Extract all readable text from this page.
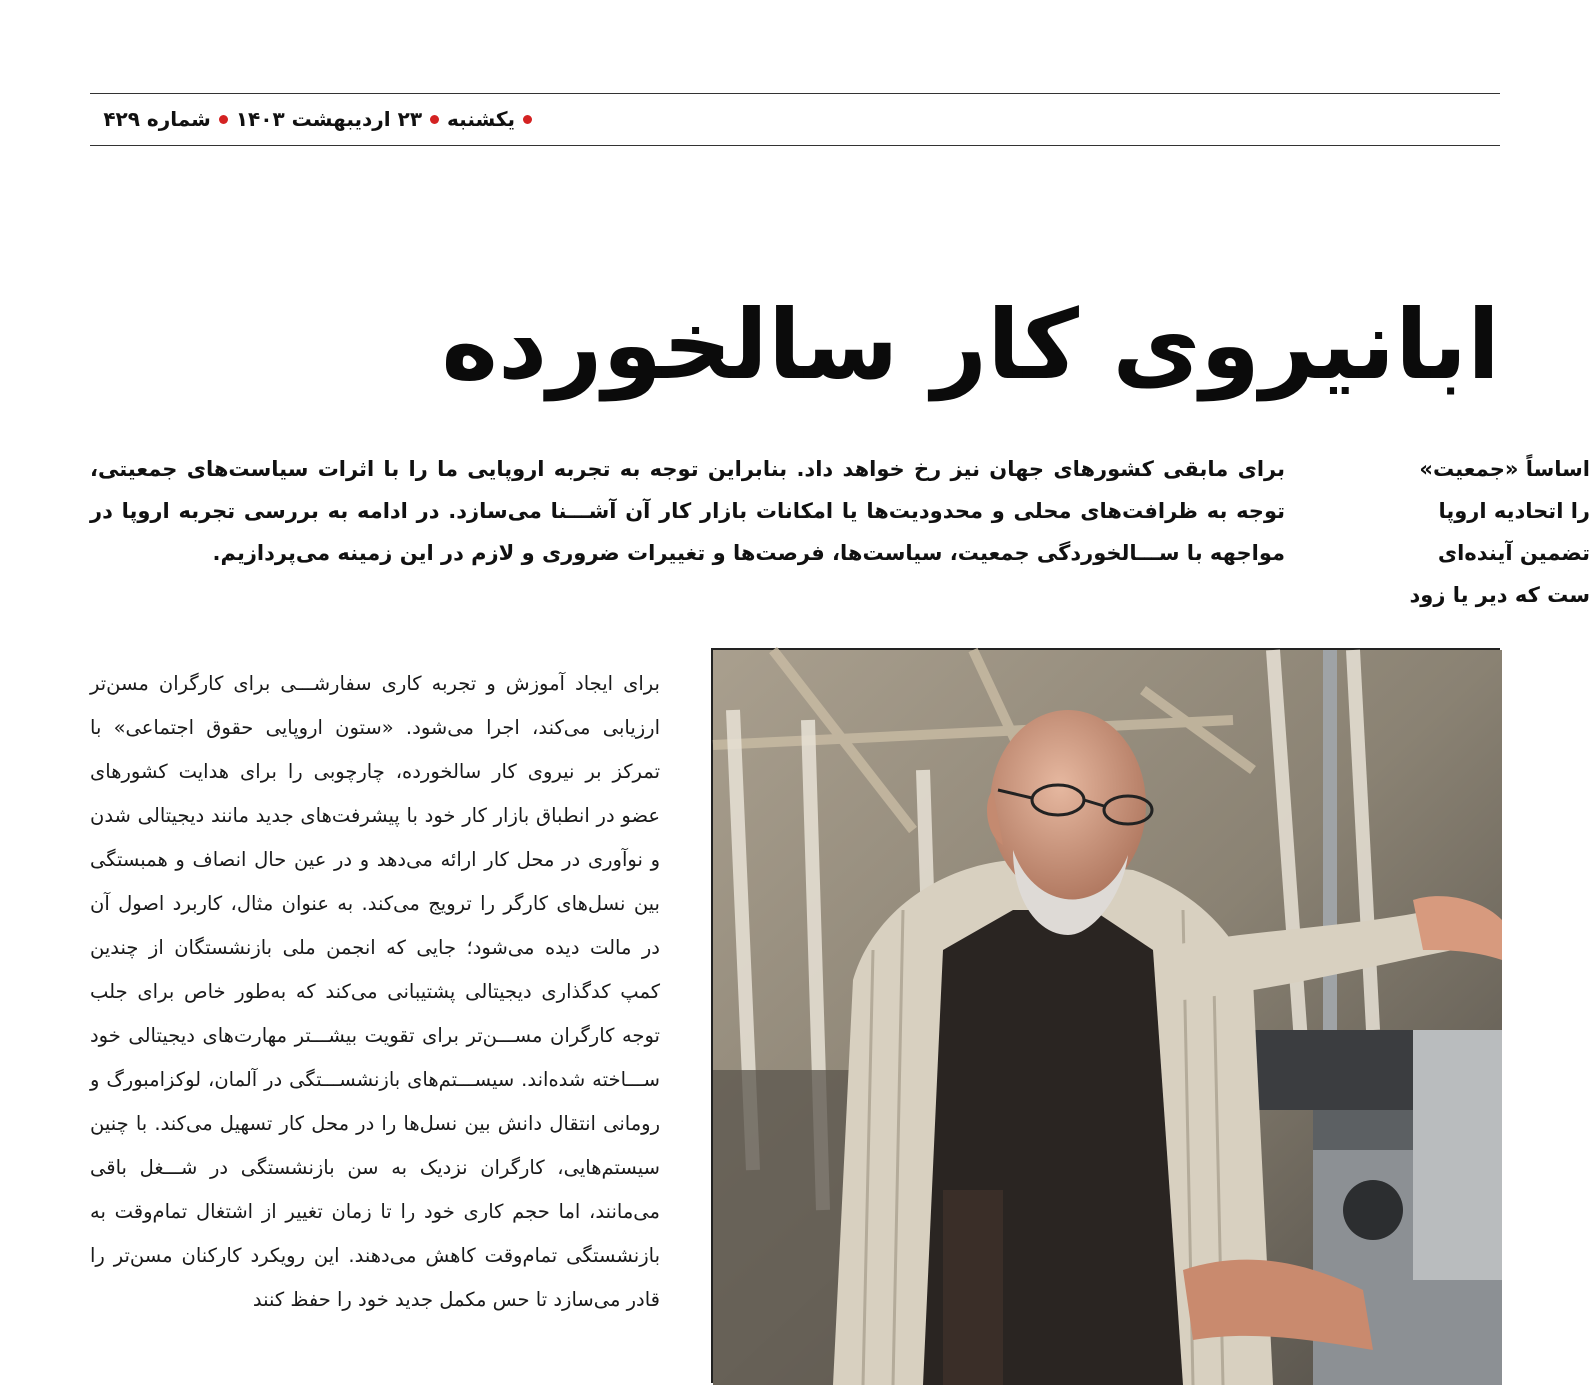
یکشنبه
۲۳ اردیبهشت ۱۴۰۳
شماره ۴۲۹
ابانیروی کار سالخورده
برای مابقی کشورهای جهان نیز رخ خواهد داد. بنابراین توجه به تجربه اروپایی ما را با اثرات سیاست‌های جمعیتی، توجه به ظرافت‌های محلی و محدودیت‌ها یا امکانات بازار کار آن آشـــنا می‌سازد. در ادامه به بررسی تجربه اروپا در مواجهه با ســـالخوردگی جمعیت، سیاست‌ها، فرصت‌ها و تغییرات ضروری و لازم در این زمینه می‌پردازیم.
اساساً «جمعیت»
را اتحادیه اروپا
تضمین آینده‌ای
ست که دیر یا زود
برای ایجاد آموزش و تجربه کاری سفارشـــی برای کارگران مسن‌تر ارزیابی می‌کند، اجرا می‌شود. «ستون اروپایی حقوق اجتماعی» با تمرکز بر نیروی کار سالخورده، چارچوبی را برای هدایت کشورهای عضو در انطباق بازار کار خود با پیشرفت‌های جدید مانند دیجیتالی شدن و نوآوری در محل کار ارائه می‌دهد و در عین حال انصاف و همبستگی بین نسل‌های کارگر را ترویج می‌کند. به عنوان مثال، کاربرد اصول آن در مالت دیده می‌شود؛ جایی که انجمن ملی بازنشستگان از چندین کمپ کدگذاری دیجیتالی پشتیبانی می‌کند که به‌طور خاص برای جلب توجه کارگران مســـن‌تر برای تقویت بیشـــتر مهارت‌های دیجیتالی خود ســـاخته شده‌اند. سیســـتم‌های بازنشســـتگی در آلمان، لوکزامبورگ و رومانی انتقال دانش بین نسل‌ها را در محل کار تسهیل می‌کند. با چنین سیستم‌هایی، کارگران نزدیک به سن بازنشستگی در شـــغل باقی می‌مانند، اما حجم کاری خود را تا زمان تغییر از اشتغال تمام‌وقت به بازنشستگی تمام‌وقت کاهش می‌دهند. این رویکرد کارکنان مسن‌تر را قادر می‌سازد تا حس مکمل جدید خود را حفظ کنند
